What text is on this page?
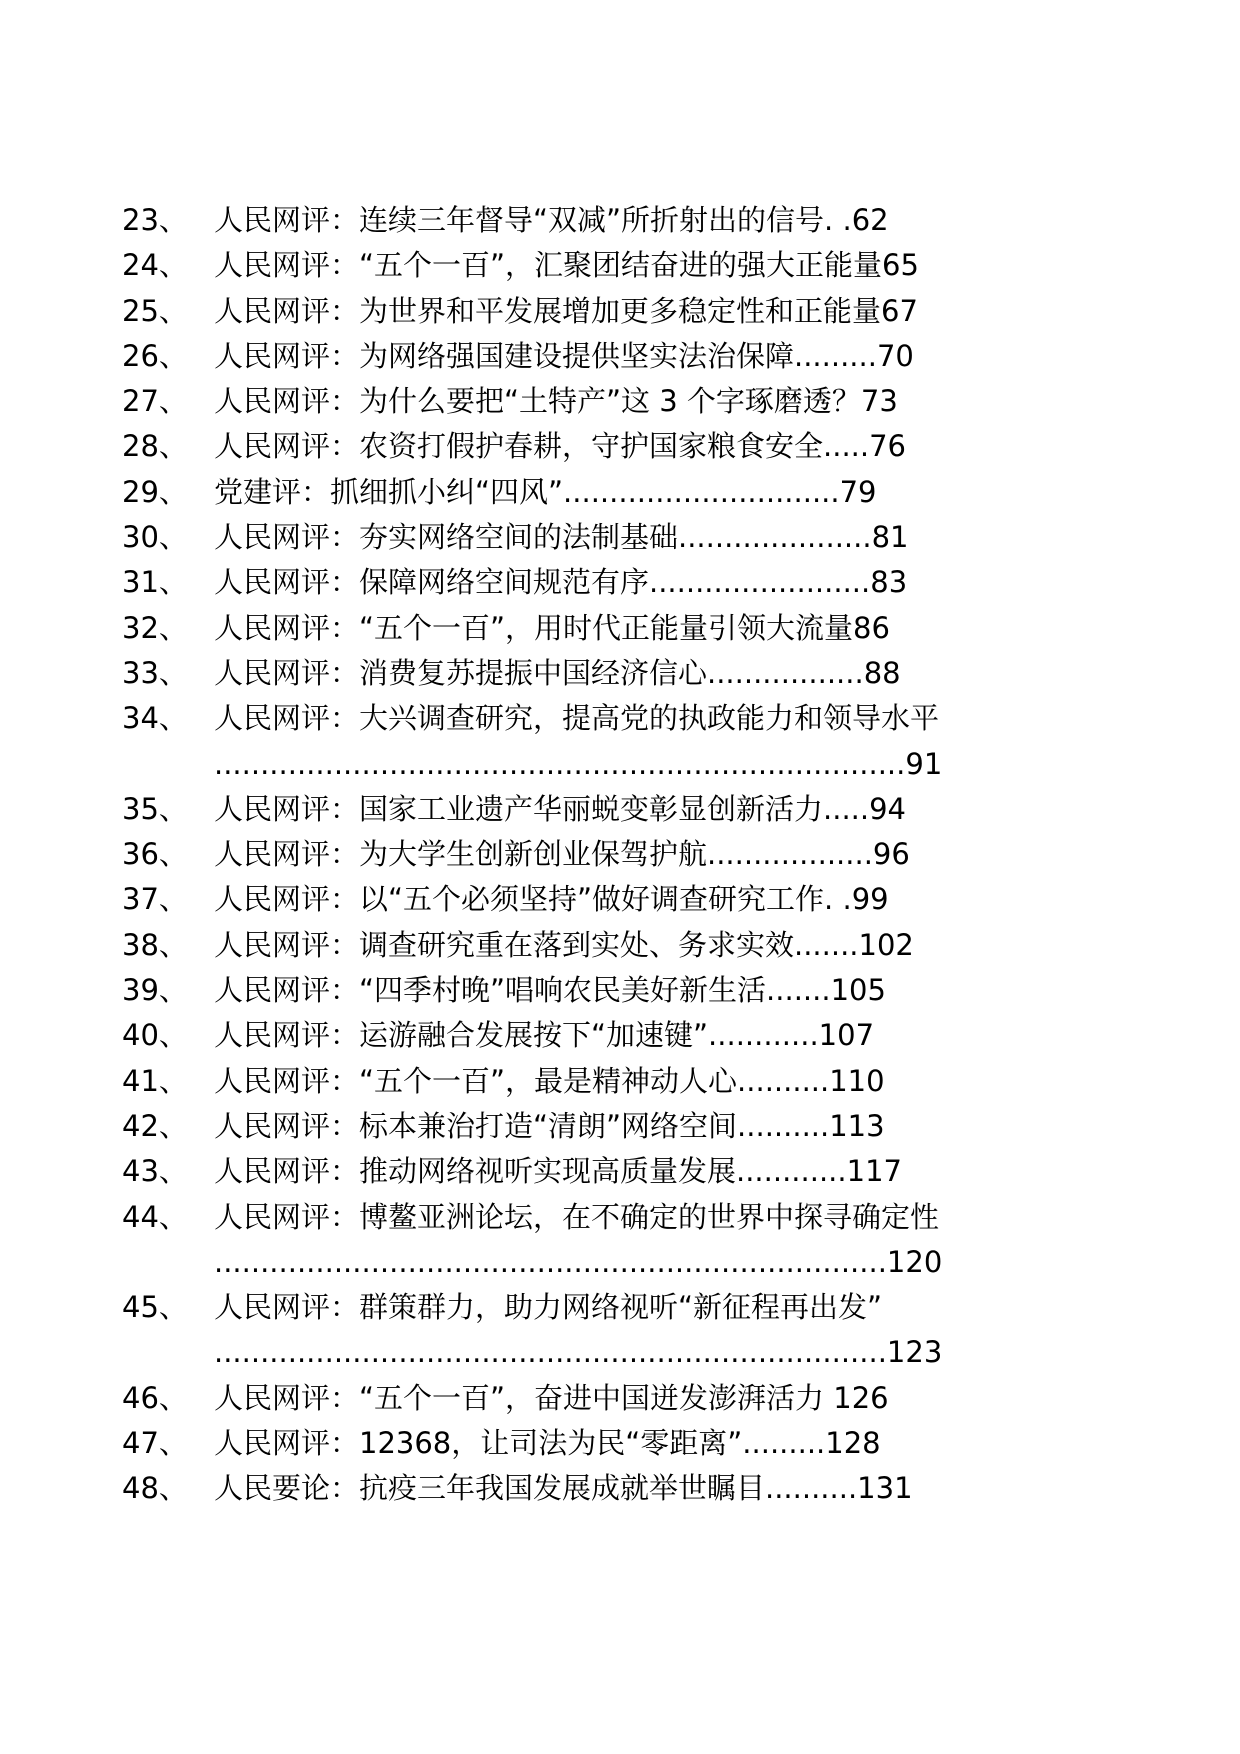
23、 人民网评：连续三年督导“双减”所折射出的信号. .62
24、 人民网评：“五个一百”，汇聚团结奋进的强大正能量65
25、 人民网评：为世界和平发展增加更多稳定性和正能量67
26、 人民网评：为网络强国建设提供坚实法治保障.........70
27、 人民网评：为什么要把“土特产”这 3 个字琢磨透？73
28、 人民网评：农资打假护春耕，守护国家粮食安全.....76
29、 党建评：抓细抓小纠“四风”..............................79
30、 人民网评：夯实网络空间的法制基础.....................81
31、 人民网评：保障网络空间规范有序........................83
32、 人民网评：“五个一百”，用时代正能量引领大流量86
33、 人民网评：消费复苏提振中国经济信心.................88
34、 人民网评：大兴调查研究，提高党的执政能力和领导水平
...........................................................................91
35、 人民网评：国家工业遗产华丽蜕变彰显创新活力.....94
36、 人民网评：为大学生创新创业保驾护航..................96
37、 人民网评：以“五个必须坚持”做好调查研究工作. .99
38、 人民网评：调查研究重在落到实处、务求实效.......102
39、 人民网评：“四季村晚”唱响农民美好新生活.......105
40、 人民网评：运游融合发展按下“加速键”............107
41、 人民网评：“五个一百”，最是精神动人心..........110
42、 人民网评：标本兼治打造“清朗”网络空间..........113
43、 人民网评：推动网络视听实现高质量发展............117
44、 人民网评：博鳌亚洲论坛，在不确定的世界中探寻确定性
.........................................................................120
45、 人民网评：群策群力，助力网络视听“新征程再出发”
.........................................................................123
46、 人民网评：“五个一百”，奋进中国迸发澎湃活力 126
47、 人民网评：12368，让司法为民“零距离”.........128
48、 人民要论：抗疫三年我国发展成就举世瞩目..........131
